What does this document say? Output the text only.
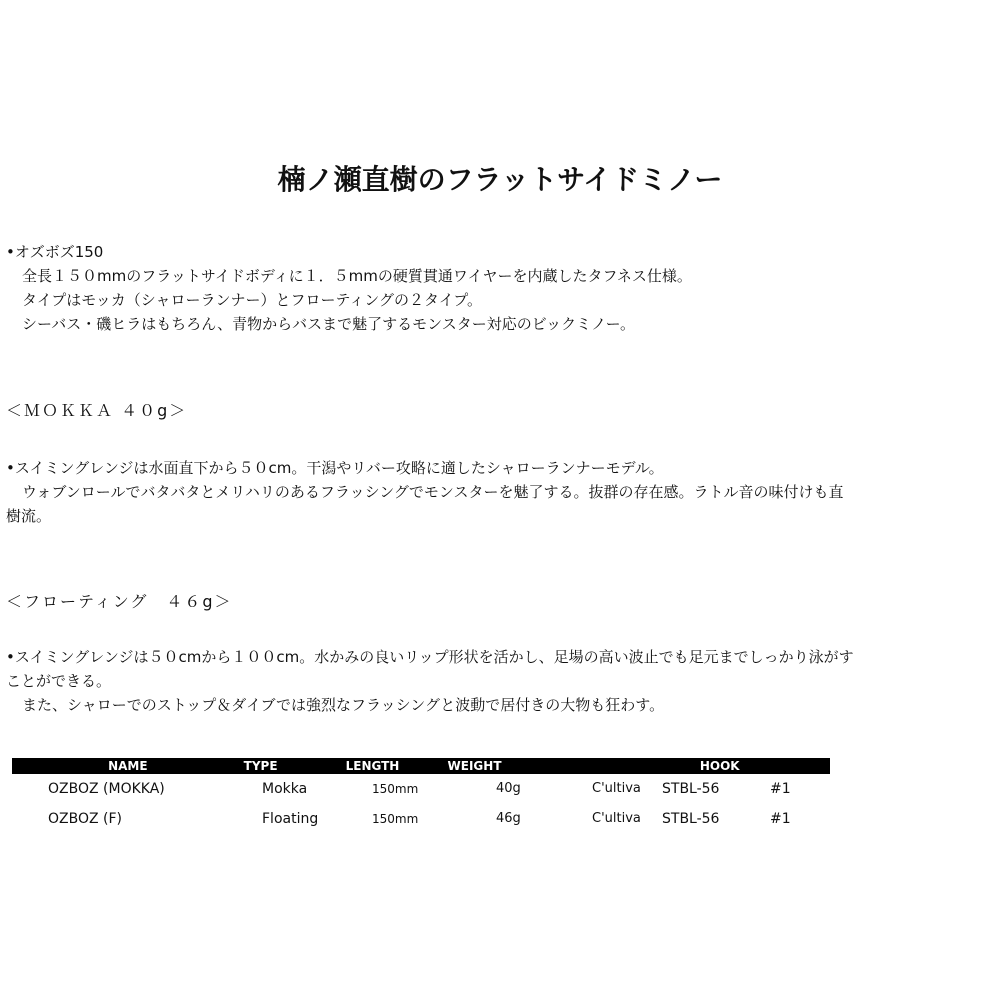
楠ノ瀬直樹のフラットサイドミノー
•オズボズ150
全長１５０mmのフラットサイドボディに１．５mmの硬質貫通ワイヤーを内蔵したタフネス仕様。
タイプはモッカ（シャローランナー）とフローティングの２タイプ。
シーバス・磯ヒラはもちろん、青物からバスまで魅了するモンスター対応のビックミノー。
＜ＭＯＫＫＡ ４０g＞
•スイミングレンジは水面直下から５０cm。干潟やリバー攻略に適したシャローランナーモデル。
ウォブンロールでバタバタとメリハリのあるフラッシングでモンスターを魅了する。抜群の存在感。ラトル音の味付けも直
樹流。
＜フローティング　４６g＞
•スイミングレンジは５０cmから１００cm。水かみの良いリップ形状を活かし、足場の高い波止でも足元までしっかり泳がす
ことができる。
また、シャローでのストップ＆ダイブでは強烈なフラッシングと波動で居付きの大物も狂わす。
NAME	TYPE	LENGTH	WEIGHT	HOOK
OZBOZ (MOKKA)	Mokka	150mm	40g	C'ultiva	STBL-56	#1
OZBOZ (F)	Floating	150mm	46g	C'ultiva	STBL-56	#1
